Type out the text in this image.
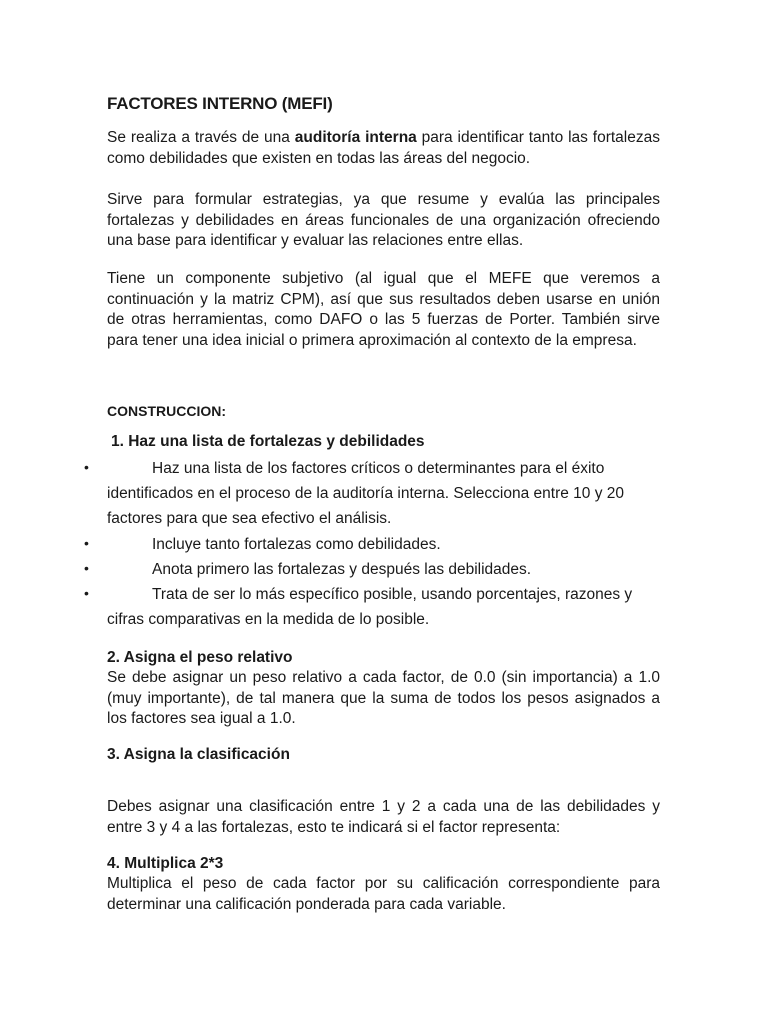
FACTORES INTERNO (MEFI)

Se realiza a través de una auditoría interna para identificar tanto las fortalezas como debilidades que existen en todas las áreas del negocio.

Sirve para formular estrategias, ya que resume y evalúa las principales fortalezas y debilidades en áreas funcionales de una organización ofreciendo una base para identificar y evaluar las relaciones entre ellas.

Tiene un componente subjetivo (al igual que el MEFE que veremos a continuación y la matriz CPM), así que sus resultados deben usarse en unión de otras herramientas, como DAFO o las 5 fuerzas de Porter. También sirve para tener una idea inicial o primera aproximación al contexto de la empresa.

CONSTRUCCION:
1. Haz una lista de fortalezas y debilidades
•	Haz una lista de los factores críticos o determinantes para el éxito
identificados en el proceso de la auditoría interna. Selecciona entre 10 y 20
factores para que sea efectivo el análisis.
•	Incluye tanto fortalezas como debilidades.
•	Anota primero las fortalezas y después las debilidades.
•	Trata de ser lo más específico posible, usando porcentajes, razones y
cifras comparativas en la medida de lo posible.
2. Asigna el peso relativo

Se debe asignar un peso relativo a cada factor, de 0.0 (sin importancia) a 1.0 (muy importante), de tal manera que la suma de todos los pesos asignados a los factores sea igual a 1.0.

3. Asigna la clasificación

Debes asignar una clasificación entre 1 y 2 a cada una de las debilidades y entre 3 y 4 a las fortalezas, esto te indicará si el factor representa:

4. Multiplica 2*3

Multiplica el peso de cada factor por su calificación correspondiente para determinar una calificación ponderada para cada variable.
